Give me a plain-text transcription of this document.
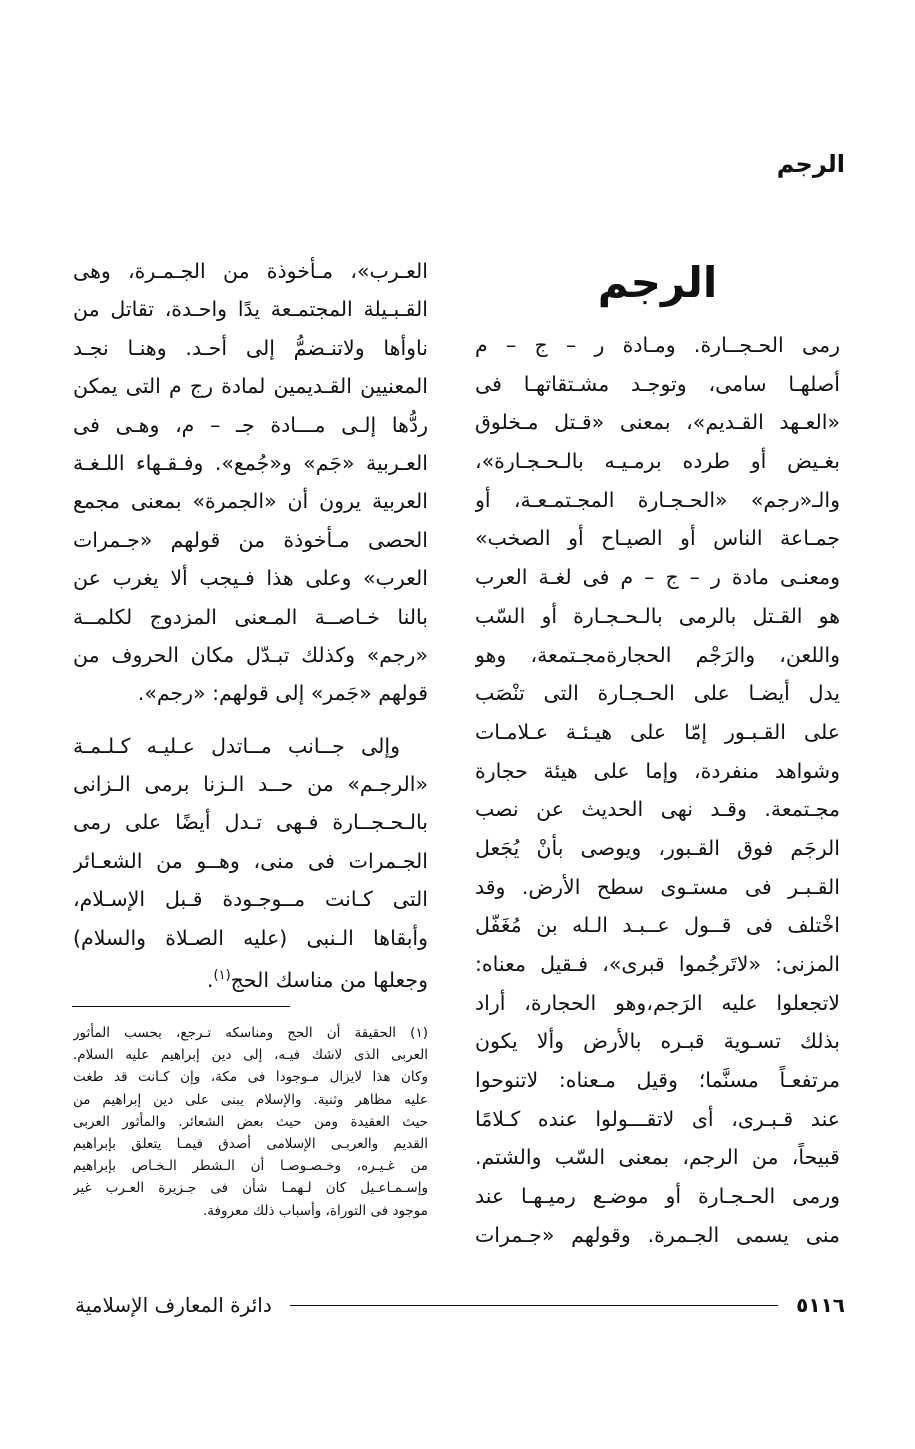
الرجم
الرجم
رمى الحـجــارة. ومـادة ر – ج – م
أصلهـا سامى، وتوجـد مشـتقاتهـا فى
«العـهد القـديم»، بمعنى «قـتل مـخلوق
بغـيض أو طرده برمـيـه بالـحـجـارة»،
والـ«رجم» «الحـجـارة المجـتمـعـة، أو
جمـاعة الناس أو الصيـاح أو الصخب»
ومعنـى مادة ر – ج – م فى لغـة العرب
هو القـتل بالرمى بالـحـجـارة أو السّب
واللعن، والرَجْم الحجارةمجـتمعة، وهو
يدل أيضـا على الحـجـارة التى تنْصَب
على القـبـور إمّا على هيـئـة عـلامـات
وشواهد منفردة، وإما على هيئة حجارة
مجـتمعة. وقـد نهى الحديث عن نصب
الرجَم فوق القـبور، ويوصى بأنْ يُجَعل
القـبـر فى مستـوى سطح الأرض. وقد
اخْتلف فى قــول عــبـد الـله بن مُغَفّل
المزنى: «لاتَرجُموا قبرى»، فـقيل معناه:
لاتجعلوا عليه الرَجم،وهو الحجارة، أراد
بذلك تسـوية قبـره بالأرض وألا يكون
مرتفعـاً مسنَّما؛ وقيل مـعناه: لاتنوحوا
عند قـبـرى، أى لاتقـــولوا عنده كـلامًا
قبيحاً، من الرجم، بمعنى السّب والشتم.
ورمى الحـجـارة أو موضـع رميـهـا عند
منى يسمى الجـمرة. وقولهم «جـمرات
العـرب»، مـأخوذة من الجـمـرة، وهى
القـبـيلة المجتمـعة يدًا واحـدة، تقاتل من
ناوأها ولاتنـضمُّ إلى أحـد. وهنـا نجـد
المعنيين القـديمين لمادة رج م التى يمكن
ردُّها إلـى مـــادة جـ – م، وهـى فى
العـربية «جَم» و«جُمع». وفـقـهاء اللـغـة
العربية يرون أن «الجمرة» بمعنى مجمع
الحصى مـأخوذة من قولهم «جـمرات
العرب» وعلى هذا فـيجب ألا يغرب عن
بالنا خـاصــة المـعنى المزدوج لكلمــة
«رجم» وكذلك تبـدّل مكان الحروف من
قولهم «جَمر» إلى قولهم: «رجم».
وإلى جــانب مــاتدل عـليـه كـلـمـة
«الرجـم» من حــد الـزنا برمى الـزانى
بالـحـجــارة فـهى تـدل أيضًا على رمى
الجـمرات فى منى، وهــو من الشعـائر
التى كـانت مــوجـودة قـبل الإسـلام،
وأبقاها الـنبى (عليه الصـلاة والسلام)
وجعلها من مناسك الحج$^{(١)}$.
(١) الحقيقة أن الحج ومناسكه تـرجع، بحسب المأثور
العربى الذى لاشك فيـه، إلى دين إبراهيم عليه السلام.
وكان هذا لايزال مـوجودا فى مكة، وإن كـانت قد طغت
عليه مظاهر وثنية. والإسلام يبنى على دين إبراهيم من
حيث العقيدة ومن حيث بعض الشعائر. والمأثور العربى
القديم والعربـى الإسلامى أصدق فيمـا يتعلق بإبراهيم
من غـيـره، وخـصـوصـا أن الـشطر الـخـاص بإبراهيم
وإسـمـاعـيل كان لـهمـا شأن فى جـزيرة العـرب غير
موجود فى التوراة، وأسباب ذلك معروفة.
٥١١٦
دائرة المعارف الإسلامية
